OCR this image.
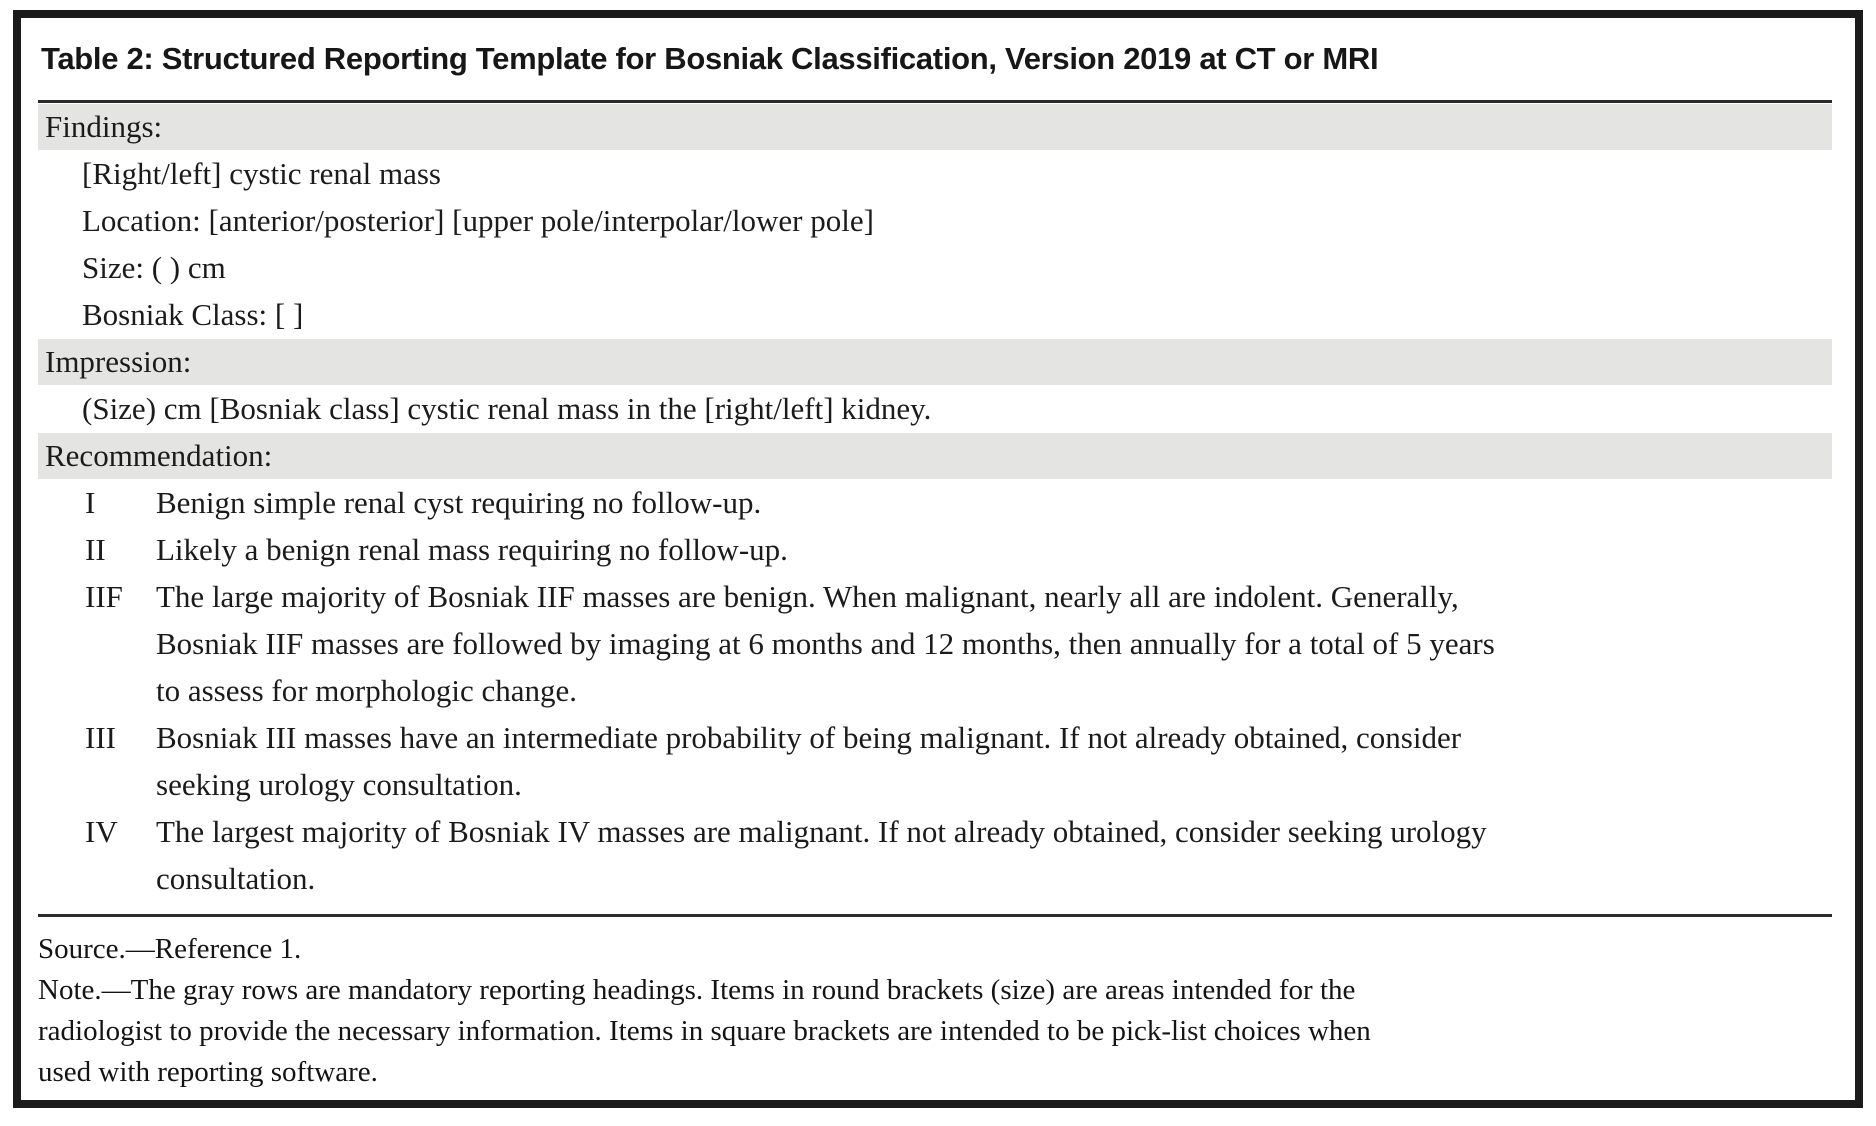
Table 2: Structured Reporting Template for Bosniak Classification, Version 2019 at CT or MRI
Findings:
[Right/left] cystic renal mass
Location: [anterior/posterior] [upper pole/interpolar/lower pole]
Size: ( ) cm
Bosniak Class: [ ]
Impression:
(Size) cm [Bosniak class] cystic renal mass in the [right/left] kidney.
Recommendation:
I	Benign simple renal cyst requiring no follow-up.
II	Likely a benign renal mass requiring no follow-up.
IIF	The large majority of Bosniak IIF masses are benign. When malignant, nearly all are indolent. Generally,
Bosniak IIF masses are followed by imaging at 6 months and 12 months, then annually for a total of 5 years
to assess for morphologic change.
III	Bosniak III masses have an intermediate probability of being malignant. If not already obtained, consider
seeking urology consultation.
IV	The largest majority of Bosniak IV masses are malignant. If not already obtained, consider seeking urology
consultation.
Source.—Reference 1.
Note.—The gray rows are mandatory reporting headings. Items in round brackets (size) are areas intended for the
radiologist to provide the necessary information. Items in square brackets are intended to be pick-list choices when
used with reporting software.
